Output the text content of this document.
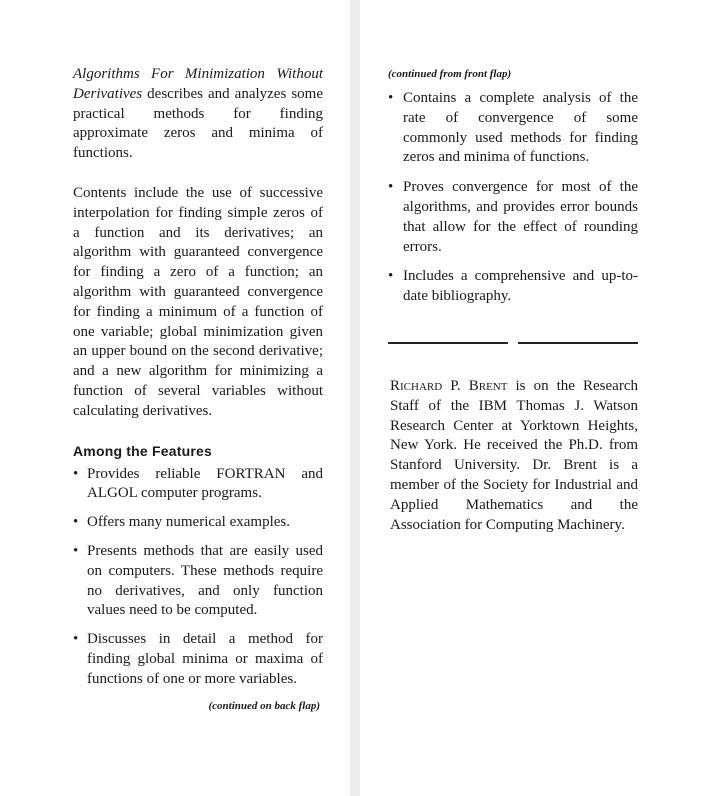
Algorithms For Minimization Without Derivatives describes and analyzes some practical methods for finding approximate zeros and minima of functions.

Contents include the use of successive interpolation for finding simple zeros of a function and its derivatives; an algorithm with guaranteed convergence for finding a zero of a function; an algorithm with guaranteed convergence for finding a minimum of a function of one variable; global minimization given an upper bound on the second derivative; and a new algorithm for minimizing a function of several variables without calculating derivatives.

Among the Features
• Provides reliable FORTRAN and ALGOL computer programs.
• Offers many numerical examples.
• Presents methods that are easily used on computers. These methods require no derivatives, and only function values need to be computed.
• Discusses in detail a method for finding global minima or maxima of functions of one or more variables.
(continued on back flap)
(continued from front flap)
• Contains a complete analysis of the rate of convergence of some commonly used methods for finding zeros and minima of functions.
• Proves convergence for most of the algorithms, and provides error bounds that allow for the effect of rounding errors.
• Includes a comprehensive and up-to-date bibliography.

Richard P. Brent is on the Research Staff of the IBM Thomas J. Watson Research Center at Yorktown Heights, New York. He received the Ph.D. from Stanford University. Dr. Brent is a member of the Society for Industrial and Applied Mathematics and the Association for Computing Machinery.
